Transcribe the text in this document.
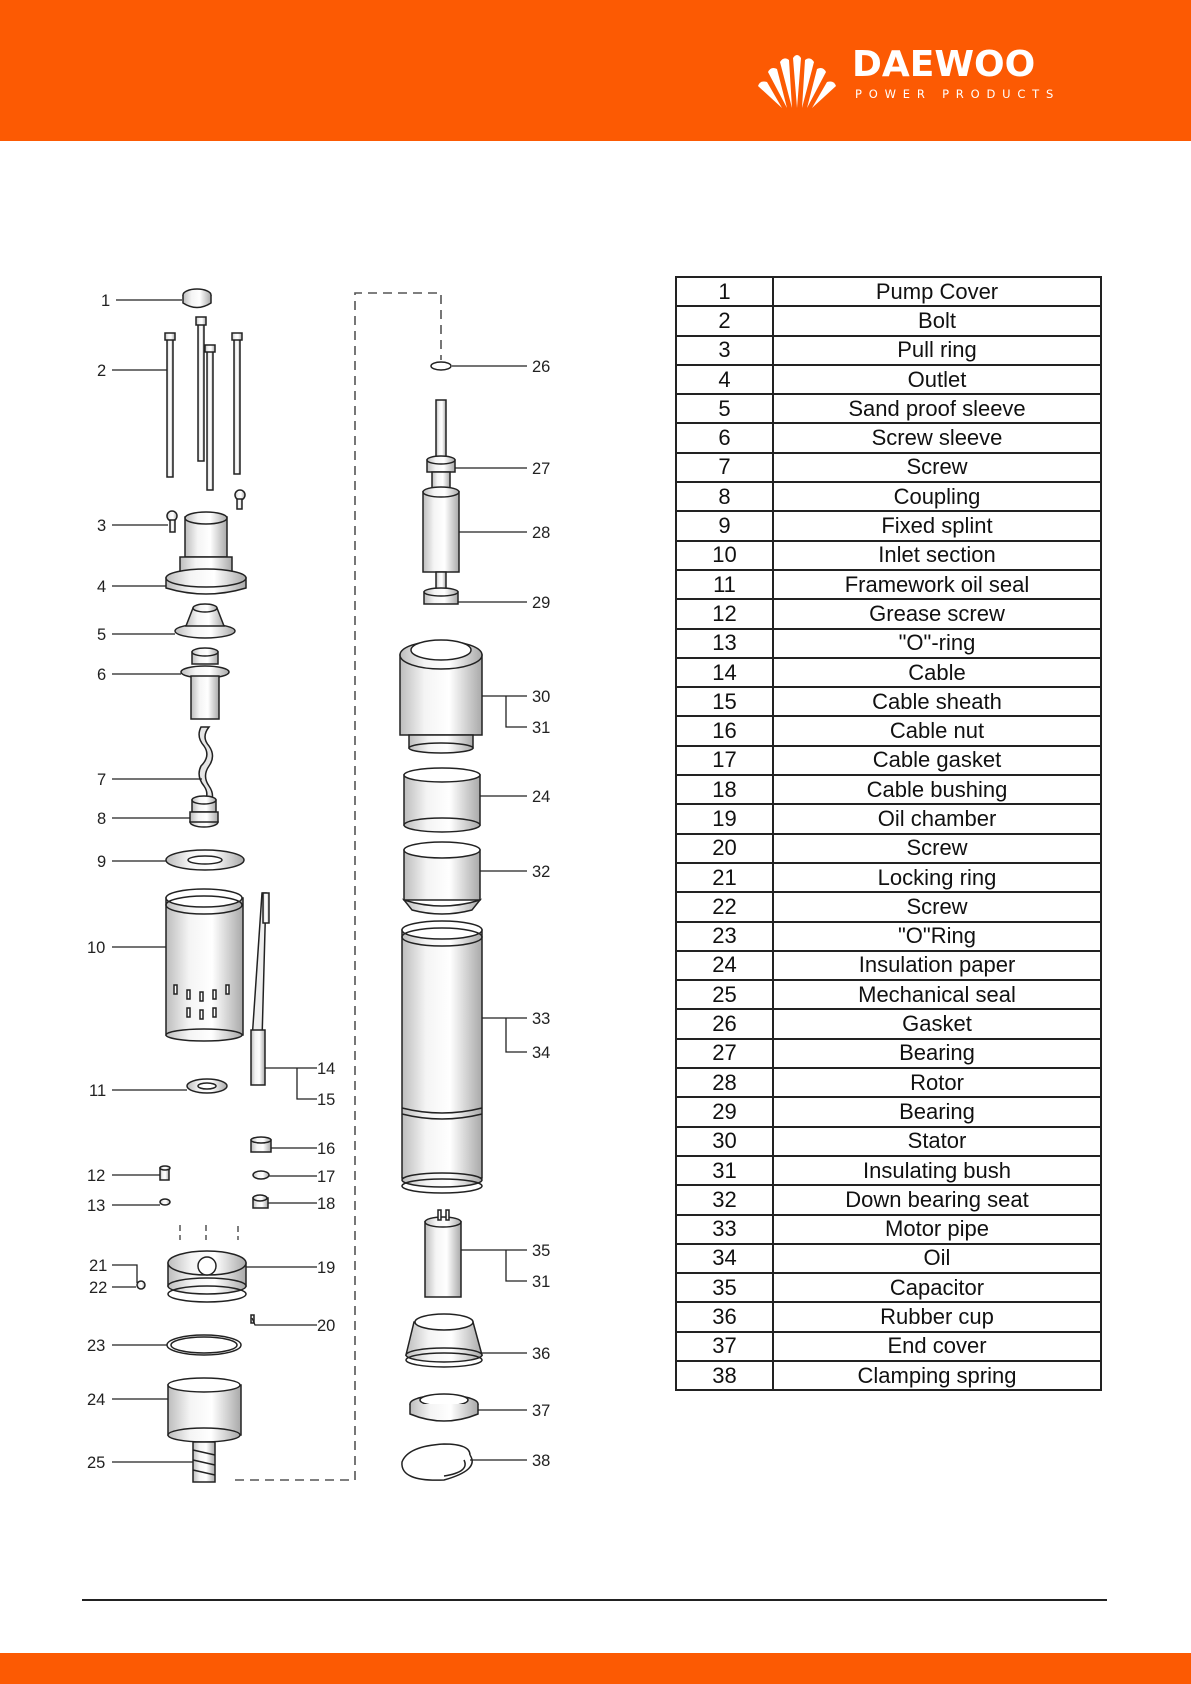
DAEWOO
POWER PRODUCTS
1
2
3
4
5
6
7
8
9
10
11
14
15
12
13
16
17
18
21
22
19
20
23
24
25
26
27
28
29
30
31
24
32
33
34
35
31
36
37
38
1	Pump Cover
2	Bolt
3	Pull ring
4	Outlet
5	Sand proof sleeve
6	Screw sleeve
7	Screw
8	Coupling
9	Fixed splint
10	Inlet section
11	Framework oil seal
12	Grease screw
13	"O"-ring
14	Cable
15	Cable sheath
16	Cable nut
17	Cable gasket
18	Cable bushing
19	Oil chamber
20	Screw
21	Locking ring
22	Screw
23	"O"Ring
24	Insulation paper
25	Mechanical seal
26	Gasket
27	Bearing
28	Rotor
29	Bearing
30	Stator
31	Insulating bush
32	Down bearing seat
33	Motor pipe
34	Oil
35	Capacitor
36	Rubber cup
37	End cover
38	Clamping spring
